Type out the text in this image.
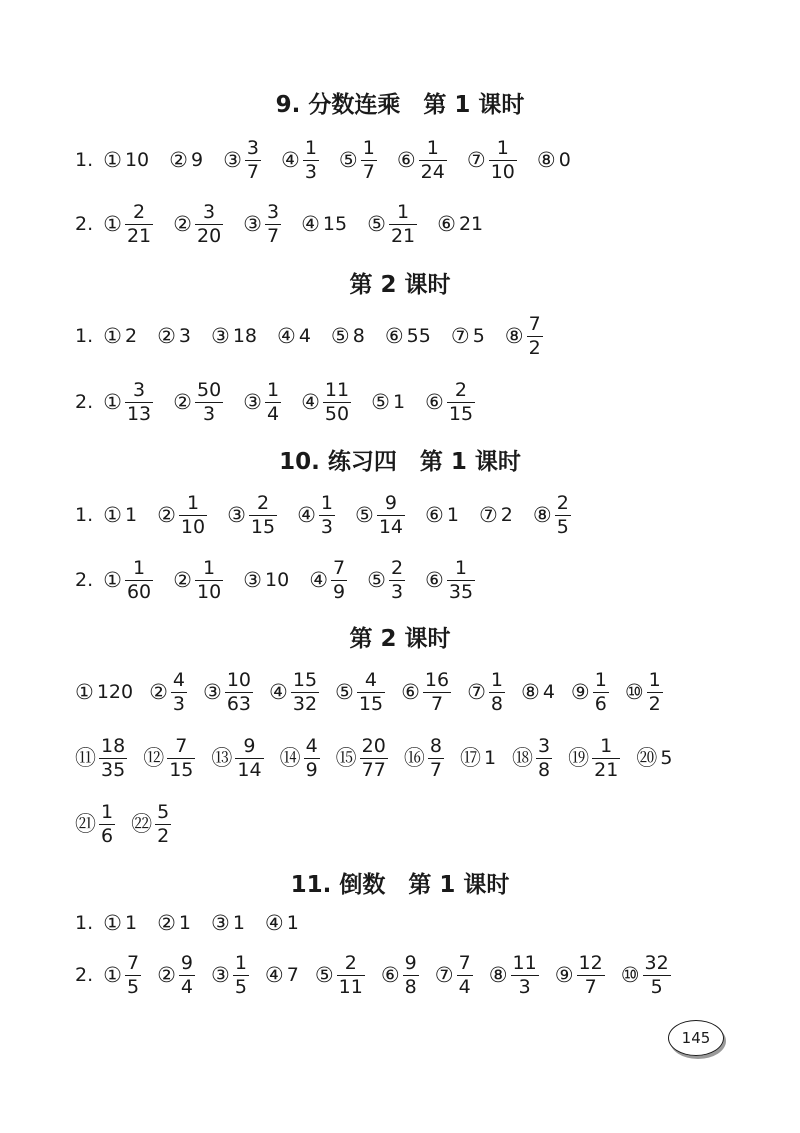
9. 分数连乘　第 1 课时
1. ① 10 ② 9 ③ $\frac{3}{7}$ ④ $\frac{1}{3}$ ⑤ $\frac{1}{7}$ ⑥ $\frac{1}{24}$ ⑦ $\frac{1}{10}$ ⑧ 0
2. ① $\frac{2}{21}$ ② $\frac{3}{20}$ ③ $\frac{3}{7}$ ④ 15 ⑤ $\frac{1}{21}$ ⑥ 21
第 2 课时
1. ① 2 ② 3 ③ 18 ④ 4 ⑤ 8 ⑥ 55 ⑦ 5 ⑧ $\frac{7}{2}$
2. ① $\frac{3}{13}$ ② $\frac{50}{3}$ ③ $\frac{1}{4}$ ④ $\frac{11}{50}$ ⑤ 1 ⑥ $\frac{2}{15}$
10. 练习四　第 1 课时
1. ① 1 ② $\frac{1}{10}$ ③ $\frac{2}{15}$ ④ $\frac{1}{3}$ ⑤ $\frac{9}{14}$ ⑥ 1 ⑦ 2 ⑧ $\frac{2}{5}$
2. ① $\frac{1}{60}$ ② $\frac{1}{10}$ ③ 10 ④ $\frac{7}{9}$ ⑤ $\frac{2}{3}$ ⑥ $\frac{1}{35}$
第 2 课时
① 120 ② $\frac{4}{3}$ ③ $\frac{10}{63}$ ④ $\frac{15}{32}$ ⑤ $\frac{4}{15}$ ⑥ $\frac{16}{7}$ ⑦ $\frac{1}{8}$ ⑧ 4 ⑨ $\frac{1}{6}$ ⑩ $\frac{1}{2}$
⑪ $\frac{18}{35}$ ⑫ $\frac{7}{15}$ ⑬ $\frac{9}{14}$ ⑭ $\frac{4}{9}$ ⑮ $\frac{20}{77}$ ⑯ $\frac{8}{7}$ ⑰ 1 ⑱ $\frac{3}{8}$ ⑲ $\frac{1}{21}$ ⑳ 5
㉑ $\frac{1}{6}$ ㉒ $\frac{5}{2}$
11. 倒数　第 1 课时
1. ① 1 ② 1 ③ 1 ④ 1
2. ① $\frac{7}{5}$ ② $\frac{9}{4}$ ③ $\frac{1}{5}$ ④ 7 ⑤ $\frac{2}{11}$ ⑥ $\frac{9}{8}$ ⑦ $\frac{7}{4}$ ⑧ $\frac{11}{3}$ ⑨ $\frac{12}{7}$ ⑩ $\frac{32}{5}$
145
